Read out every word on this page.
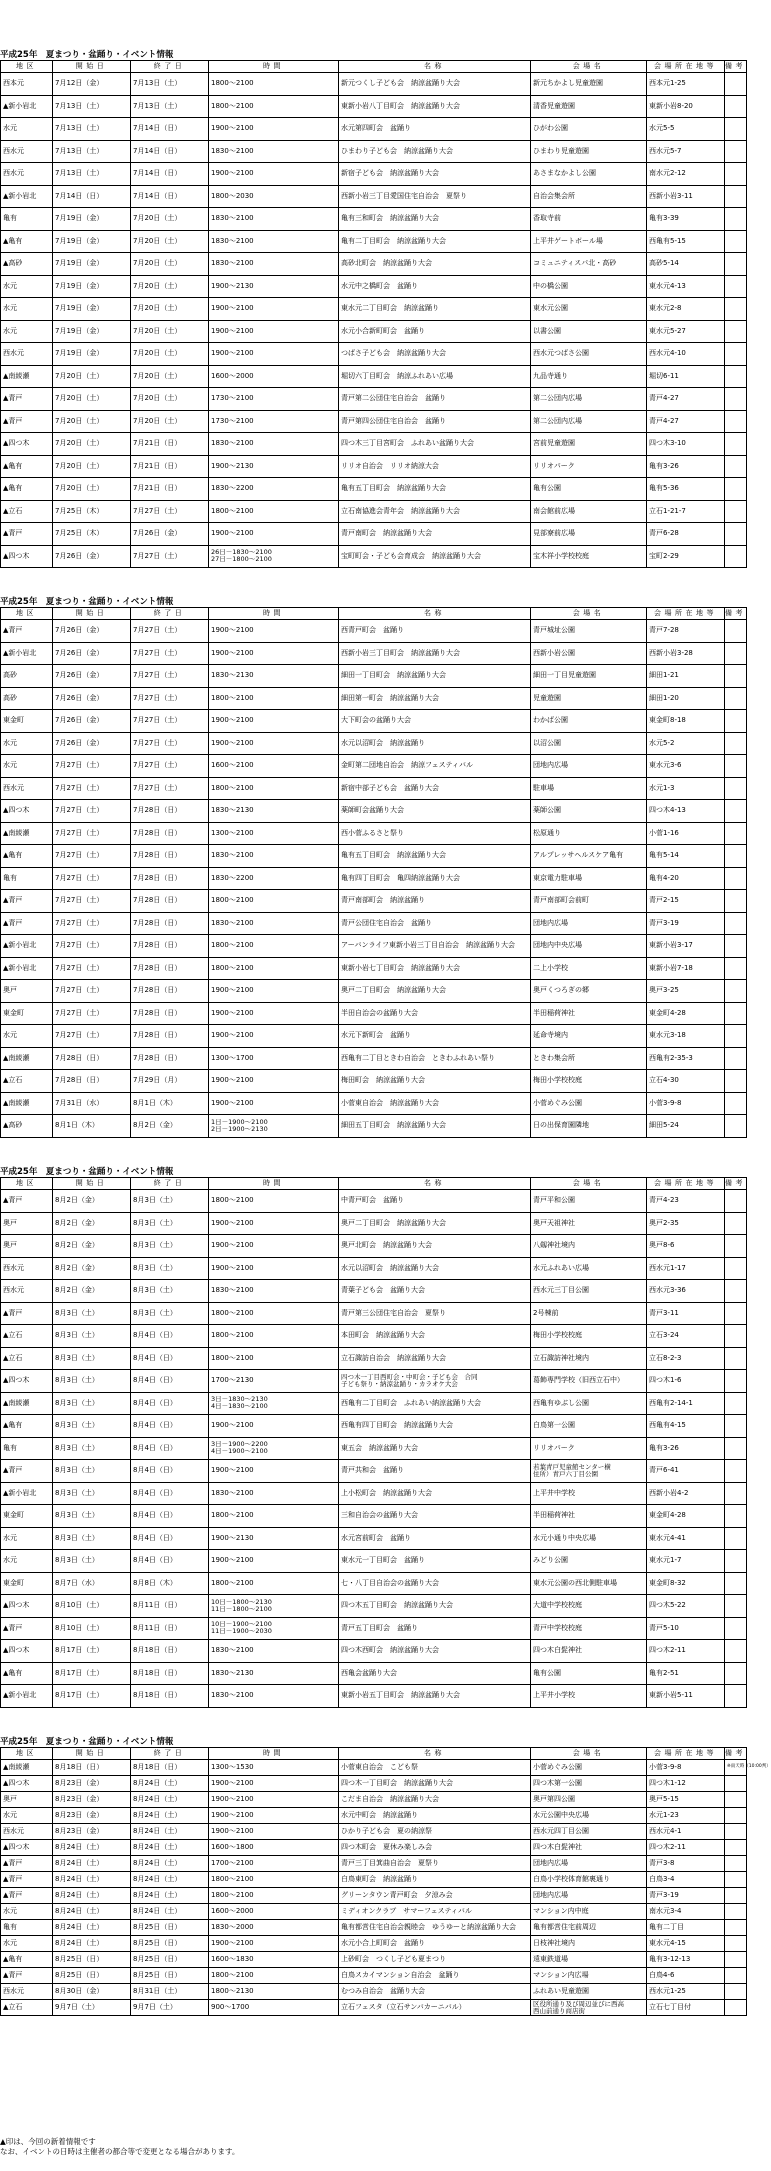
平成25年　夏まつり・盆踊り・イベント情報
地区	開始日	終了日	時間	名称	会場名	会場所在地等	備考
西本元	7月12日（金）	7月13日（土）	1800～2100	新元つくし子ども会　納涼盆踊り大会	新元ちかよし児童遊園	西本元1-25	
▲新小岩北	7月13日（土）	7月13日（土）	1800～2100	東新小岩八丁目町会　納涼盆踊り大会	清香児童遊園	東新小岩8-20	
水元	7月13日（土）	7月14日（日）	1900～2100	水元第四町会　盆踊り	ひがわ公園	水元5-5	
西水元	7月13日（土）	7月14日（日）	1830～2100	ひまわり子ども会　納涼盆踊り大会	ひまわり児童遊園	西水元5-7	
西水元	7月13日（土）	7月14日（日）	1900～2100	新宿子ども会　納涼盆踊り大会	あさまなかよし公園	南水元2-12	
▲新小岩北	7月14日（日）	7月14日（日）	1800～2030	西新小岩三丁目愛国住宅自治会　夏祭り	自治会集会所	西新小岩3-11	
亀有	7月19日（金）	7月20日（土）	1830～2100	亀有三和町会　納涼盆踊り大会	香取寺前	亀有3-39	
▲亀有	7月19日（金）	7月20日（土）	1830～2100	亀有二丁目町会　納涼盆踊り大会	上平井ゲートボール場	西亀有5-15	
▲高砂	7月19日（金）	7月20日（土）	1830～2100	高砂北町会　納涼盆踊り大会	コミュニティスパ北・高砂	高砂5-14	
水元	7月19日（金）	7月20日（土）	1900～2130	水元中之橋町会　盆踊り	中の橋公園	東水元4-13	
水元	7月19日（金）	7月20日（土）	1900～2100	東水元二丁目町会　納涼盆踊り	東水元公園	東水元2-8	
水元	7月19日（金）	7月20日（土）	1900～2100	水元小合新町町会　盆踊り	以書公園	東水元5-27	
西水元	7月19日（金）	7月20日（土）	1900～2100	つばさ子ども会　納涼盆踊り大会	西水元つばさ公園	西水元4-10	
▲南綾瀬	7月20日（土）	7月20日（土）	1600～2000	堀切六丁目町会　納涼ふれあい広場	九品寺通り	堀切6-11	
▲青戸	7月20日（土）	7月20日（土）	1730～2100	青戸第二公団住宅自治会　盆踊り	第二公団内広場	青戸4-27	
▲青戸	7月20日（土）	7月20日（土）	1730～2100	青戸第四公団住宅自治会　盆踊り	第二公団内広場	青戸4-27	
▲四つ木	7月20日（土）	7月21日（日）	1830～2100	四つ木三丁目宮町会　ふれあい盆踊り大会	宮前児童遊園	四つ木3-10	
▲亀有	7月20日（土）	7月21日（日）	1900～2130	リリオ自治会　リリオ納涼大会	リリオパーク	亀有3-26	
▲亀有	7月20日（土）	7月21日（日）	1830～2200	亀有五丁目町会　納涼盆踊り大会	亀有公園	亀有5-36	
▲立石	7月25日（木）	7月27日（土）	1800～2100	立石南協進会青年会　納涼盆踊り大会	南会館前広場	立石1-21-7	
▲青戸	7月25日（木）	7月26日（金）	1900～2100	青戸南町会　納涼盆踊り大会	見部寮前広場	青戸6-28	
▲四つ木	7月26日（金）	7月27日（土）	26日－1830～2100
27日－1800～2100	宝町町会・子ども会育成会　納涼盆踊り大会	宝木祥小学校校庭	宝町2-29	
平成25年　夏まつり・盆踊り・イベント情報
地区	開始日	終了日	時間	名称	会場名	会場所在地等	備考
▲青戸	7月26日（金）	7月27日（土）	1900～2100	西青戸町会　盆踊り	青戸城址公園	青戸7-28	
▲新小岩北	7月26日（金）	7月27日（土）	1900～2100	西新小岩三丁目町会　納涼盆踊り大会	西新小岩公園	西新小岩3-28	
高砂	7月26日（金）	7月27日（土）	1830～2130	細田一丁目町会　納涼盆踊り大会	細田一丁目児童遊園	細田1-21	
高砂	7月26日（金）	7月27日（土）	1800～2100	細田第一町会　納涼盆踊り大会	児童遊園	細田1-20	
東金町	7月26日（金）	7月27日（土）	1900～2100	大下町会の盆踊り大会	わかば公園	東金町8-18	
水元	7月26日（金）	7月27日（土）	1900～2100	水元以沼町会　納涼盆踊り	以沼公園	水元5-2	
水元	7月27日（土）	7月27日（土）	1600～2100	金町第二団地自治会　納涼フェスティバル	団地内広場	東水元3-6	
西水元	7月27日（土）	7月27日（土）	1800～2100	新宿中部子ども会　盆踊り大会	駐車場	水元1-3	
▲四つ木	7月27日（土）	7月28日（日）	1830～2130	薬師町会盆踊り大会	薬師公園	四つ木4-13	
▲南綾瀬	7月27日（土）	7月28日（日）	1300～2100	西小菅ふるさと祭り	松原通り	小菅1-16	
▲亀有	7月27日（土）	7月28日（日）	1830～2100	亀有五丁目町会　納涼盆踊り大会	アルプレッサヘルスケア亀有	亀有5-14	
亀有	7月27日（土）	7月28日（日）	1830～2200	亀有四丁目町会　亀四納涼盆踊り大会	東京電力駐車場	亀有4-20	
▲青戸	7月27日（土）	7月28日（日）	1800～2100	青戸南部町会　納涼盆踊り	青戸南部町会前町	青戸2-15	
▲青戸	7月27日（土）	7月28日（日）	1830～2100	青戸公団住宅自治会　盆踊り	団地内広場	青戸3-19	
▲新小岩北	7月27日（土）	7月28日（日）	1800～2100	アーバンライフ東新小岩三丁目自治会　納涼盆踊り大会	団地内中央広場	東新小岩3-17	
▲新小岩北	7月27日（土）	7月28日（日）	1800～2100	東新小岩七丁目町会　納涼盆踊り大会	二上小学校	東新小岩7-18	
奥戸	7月27日（土）	7月28日（日）	1900～2100	奥戸二丁目町会　納涼盆踊り大会	奥戸くつろぎの郷	奥戸3-25	
東金町	7月27日（土）	7月28日（日）	1900～2100	半田自治会の盆踊り大会	半田稲荷神社	東金町4-28	
水元	7月27日（土）	7月28日（日）	1900～2100	水元下新町会　盆踊り	延命寺境内	東水元3-18	
▲南綾瀬	7月28日（日）	7月28日（日）	1300～1700	西亀有二丁目ときわ自治会　ときわふれあい祭り	ときわ集会所	西亀有2-35-3	
▲立石	7月28日（日）	7月29日（月）	1900～2100	梅田町会　納涼盆踊り大会	梅田小学校校庭	立石4-30	
▲南綾瀬	7月31日（水）	8月1日（木）	1900～2100	小菅東自治会　納涼盆踊り大会	小菅めぐみ公園	小菅3-9-8	
▲高砂	8月1日（木）	8月2日（金）	1日－1900～2100
2日－1900～2130	細田五丁目町会　納涼盆踊り大会	日の出保育園隣地	細田5-24	
平成25年　夏まつり・盆踊り・イベント情報
地区	開始日	終了日	時間	名称	会場名	会場所在地等	備考
▲青戸	8月2日（金）	8月3日（土）	1800～2100	中青戸町会　盆踊り	青戸平和公園	青戸4-23	
奥戸	8月2日（金）	8月3日（土）	1900～2100	奥戸二丁目町会　納涼盆踊り大会	奥戸天祖神社	奥戸2-35	
奥戸	8月2日（金）	8月3日（土）	1900～2100	奥戸北町会　納涼盆踊り大会	八劔神社境内	奥戸8-6	
西水元	8月2日（金）	8月3日（土）	1900～2100	水元以沼町会　納涼盆踊り大会	水元ふれあい広場	西水元1-17	
西水元	8月2日（金）	8月3日（土）	1830～2100	青葉子ども会　盆踊り大会	西水元三丁目公園	西水元3-36	
▲青戸	8月3日（土）	8月3日（土）	1800～2100	青戸第三公団住宅自治会　夏祭り	2号棟前	青戸3-11	
▲立石	8月3日（土）	8月4日（日）	1800～2100	本田町会　納涼盆踊り大会	梅田小学校校庭	立石3-24	
▲立石	8月3日（土）	8月4日（日）	1800～2100	立石諏訪自治会　納涼盆踊り大会	立石諏訪神社境内	立石8-2-3	
▲四つ木	8月3日（土）	8月4日（日）	1700～2130	四つ木一丁目西町会・中町会・子ども会　合同
子ども祭り・納涼盆踊り・カラオケ大会	葛飾専門学校（旧西立石中）	四つ木1-6	
▲南綾瀬	8月3日（土）	8月4日（日）	3日－1830～2130
4日－1830～2100	西亀有二丁目町会　ふれあい納涼盆踊り大会	西亀有ゆぶし公園	西亀有2-14-1	
▲亀有	8月3日（土）	8月4日（日）	1900～2100	西亀有四丁目町会　納涼盆踊り大会	白鳥第一公園	西亀有4-15	
亀有	8月3日（土）	8月4日（日）	3日－1900～2200
4日－1900～2100	東五会　納涼盆踊り大会	リリオパーク	亀有3-26	
▲青戸	8月3日（土）	8月4日（日）	1900～2100	青戸共和会　盆踊り	若葉青戸児童館センター横
住所）青戸六丁目公園	青戸6-41	
▲新小岩北	8月3日（土）	8月4日（日）	1830～2100	上小松町会　納涼盆踊り大会	上平井中学校	西新小岩4-2	
東金町	8月3日（土）	8月4日（日）	1800～2100	三和自治会の盆踊り大会	半田稲荷神社	東金町4-28	
水元	8月3日（土）	8月4日（日）	1900～2130	水元宮前町会　盆踊り	水元小通り中央広場	東水元4-41	
水元	8月3日（土）	8月4日（日）	1900～2100	東水元一丁目町会　盆踊り	みどり公園	東水元1-7	
東金町	8月7日（水）	8月8日（木）	1800～2100	七・八丁目自治会の盆踊り大会	東水元公園の西北側駐車場	東金町8-32	
▲四つ木	8月10日（土）	8月11日（日）	10日－1800～2130
11日－1800～2100	四つ木五丁目町会　納涼盆踊り大会	大道中学校校庭	四つ木5-22	
▲青戸	8月10日（土）	8月11日（日）	10日－1900～2100
11日－1900～2030	青戸五丁目町会　盆踊り	青戸中学校校庭	青戸5-10	
▲四つ木	8月17日（土）	8月18日（日）	1830～2100	四つ木西町会　納涼盆踊り大会	四つ木白髭神社	四つ木2-11	
▲亀有	8月17日（土）	8月18日（日）	1830～2130	西亀会盆踊り大会	亀有公園	亀有2-51	
▲新小岩北	8月17日（土）	8月18日（日）	1830～2100	東新小岩五丁目町会　納涼盆踊り大会	上平井小学校	東新小岩5-11	
平成25年　夏まつり・盆踊り・イベント情報
地区	開始日	終了日	時間	名称	会場名	会場所在地等	備考
▲南綾瀬	8月18日（日）	8月18日（日）	1300～1530	小菅東自治会　こども祭	小菅めぐみ公園	小菅3-9-8	※雨天時（10:00判）
▲四つ木	8月23日（金）	8月24日（土）	1900～2100	四つ木一丁目町会　納涼盆踊り大会	四つ木第一公園	四つ木1-12	
奥戸	8月23日（金）	8月24日（土）	1900～2100	こだま自治会　納涼盆踊り大会	奥戸第四公園	奥戸5-15	
水元	8月23日（金）	8月24日（土）	1900～2100	水元中町会　納涼盆踊り	水元公園中央広場	水元1-23	
西水元	8月23日（金）	8月24日（土）	1900～2100	ひかり子ども会　夏の納涼祭	西水元四丁目公園	西水元4-1	
▲四つ木	8月24日（土）	8月24日（土）	1600～1800	四つ木町会　夏休み楽しみ会	四つ木白髭神社	四つ木2-11	
▲青戸	8月24日（土）	8月24日（土）	1700～2100	青戸三丁目箕曲自治会　夏祭り	団地内広場	青戸3-8	
▲青戸	8月24日（土）	8月24日（土）	1800～2100	白鳥東町会　納涼盆踊り	白鳥小学校体育館裏通り	白鳥3-4	
▲青戸	8月24日（土）	8月24日（土）	1800～2100	グリーンタウン青戸町会　夕涼み会	団地内広場	青戸3-19	
水元	8月24日（土）	8月24日（土）	1600～2000	ミディオンクラブ　サマーフェスティバル	マンション内中庭	南水元3-4	
亀有	8月24日（土）	8月25日（日）	1830～2000	亀有都営住宅自治会親睦会　ゆうゆーと納涼盆踊り大会	亀有都営住宅前周辺	亀有二丁目	
水元	8月24日（土）	8月25日（日）	1900～2100	水元小合上町町会　盆踊り	日枝神社境内	東水元4-15	
▲亀有	8月25日（日）	8月25日（日）	1600～1830	上砂町会　つくし子ども夏まつり	遠東鉄道場	亀有3-12-13	
▲青戸	8月25日（日）	8月25日（日）	1800～2100	白鳥スカイマンション自治会　盆踊り	マンション内広場	白鳥4-6	
西水元	8月30日（金）	8月31日（土）	1800～2130	むつみ自治会　盆踊り大会	ふれあい児童遊園	西水元1-25	
▲立石	9月7日（土）	9月7日（土）	900～1700	立石フェスタ（立石サンバカーニバル）	区役所通り及び周辺並びに西高
西山前通り商店街	立石七丁目付	
▲印は、今回の新着情報です
なお、イベントの日時は主催者の都合等で変更となる場合があります。
